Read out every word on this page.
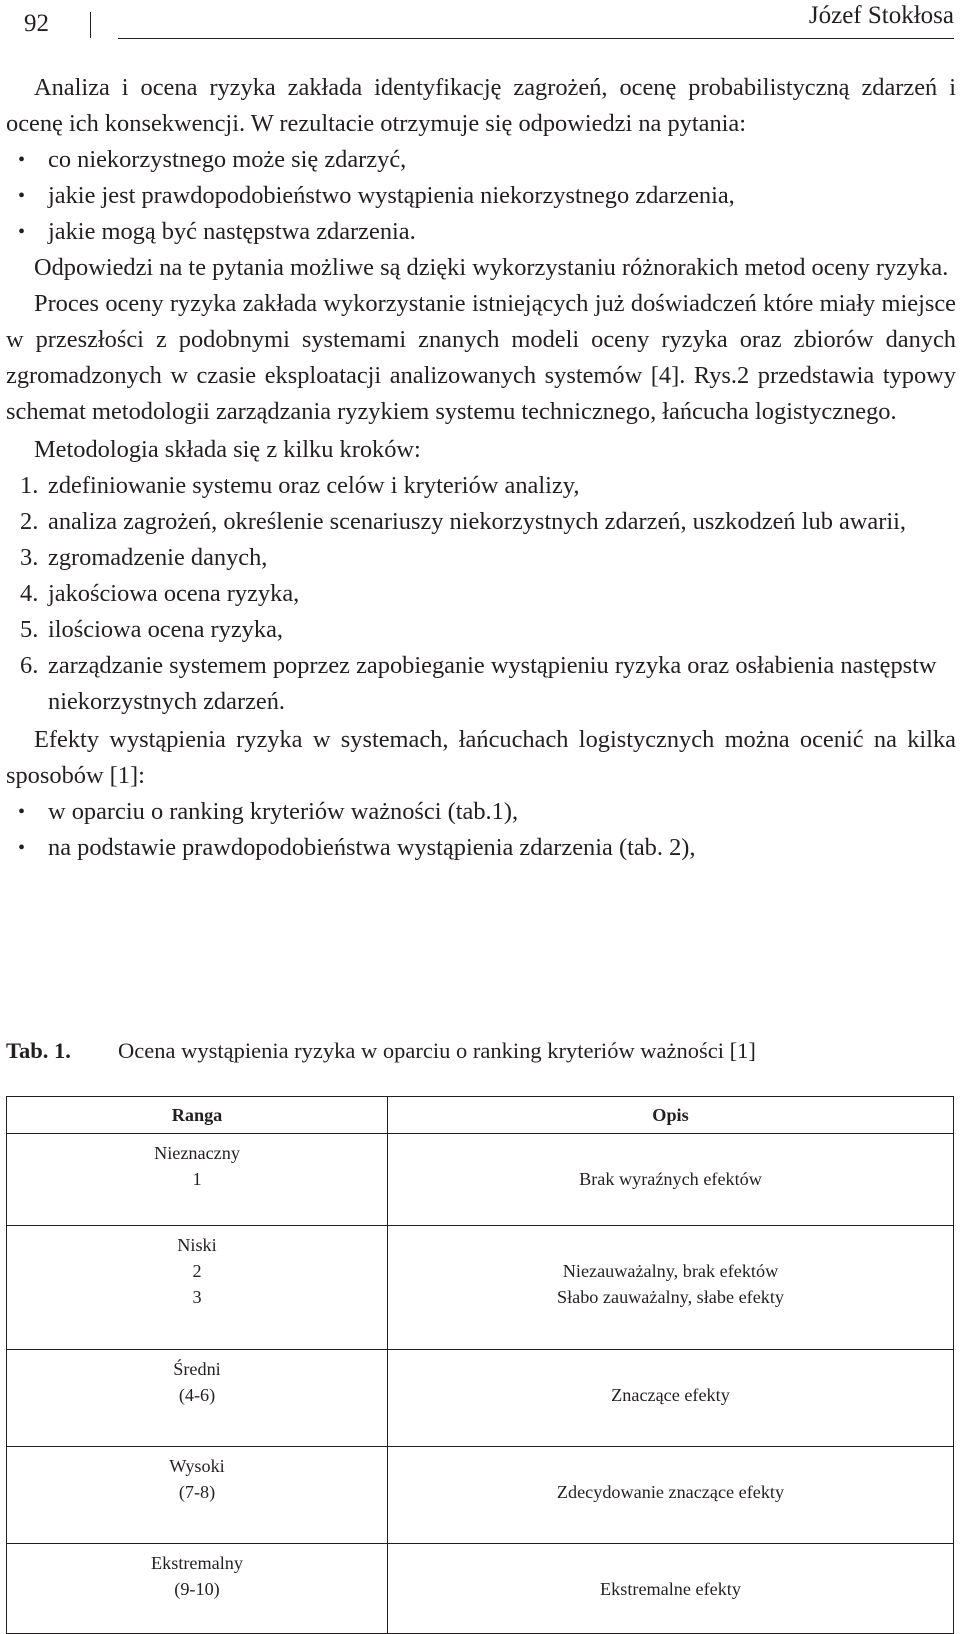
92	Józef Stokłosa

Analiza i ocena ryzyka zakłada identyfikację zagrożeń, ocenę probabilistyczną zdarzeń i ocenę ich konsekwencji. W rezultacie otrzymuje się odpowiedzi na pytania:

• co niekorzystnego może się zdarzyć,
• jakie jest prawdopodobieństwo wystąpienia niekorzystnego zdarzenia,
• jakie mogą być następstwa zdarzenia.

Odpowiedzi na te pytania możliwe są dzięki wykorzystaniu różnorakich metod oceny ryzyka.

Proces oceny ryzyka zakłada wykorzystanie istniejących już doświadczeń które miały miejsce w przeszłości z podobnymi systemami znanych modeli oceny ryzyka oraz zbiorów danych zgromadzonych w czasie eksploatacji analizowanych systemów [4]. Rys.2 przedstawia typowy schemat metodologii zarządzania ryzykiem systemu technicznego, łańcucha logistycznego.

Metodologia składa się z kilku kroków:

1. zdefiniowanie systemu oraz celów i kryteriów analizy,
2. analiza zagrożeń, określenie scenariuszy niekorzystnych zdarzeń, uszkodzeń lub awarii,
3. zgromadzenie danych,
4. jakościowa ocena ryzyka,
5. ilościowa ocena ryzyka,
6. zarządzanie systemem poprzez zapobieganie wystąpieniu ryzyka oraz osłabienia następstw niekorzystnych zdarzeń.

Efekty wystąpienia ryzyka w systemach, łańcuchach logistycznych można ocenić na kilka sposobów [1]:

• w oparciu o ranking kryteriów ważności (tab.1),
• na podstawie prawdopodobieństwa wystąpienia zdarzenia (tab. 2),
Tab. 1. Ocena wystąpienia ryzyka w oparciu o ranking kryteriów ważności [1]
Ranga	Opis

Nieznaczny
1	Brak wyraźnych efektów

Niski
2
3	Niezauważalny, brak efektów
Słabo zauważalny, słabe efekty

Średni
(4-6)	Znaczące efekty

Wysoki
(7-8)	Zdecydowanie znaczące efekty

Ekstremalny
(9-10)	Ekstremalne efekty
